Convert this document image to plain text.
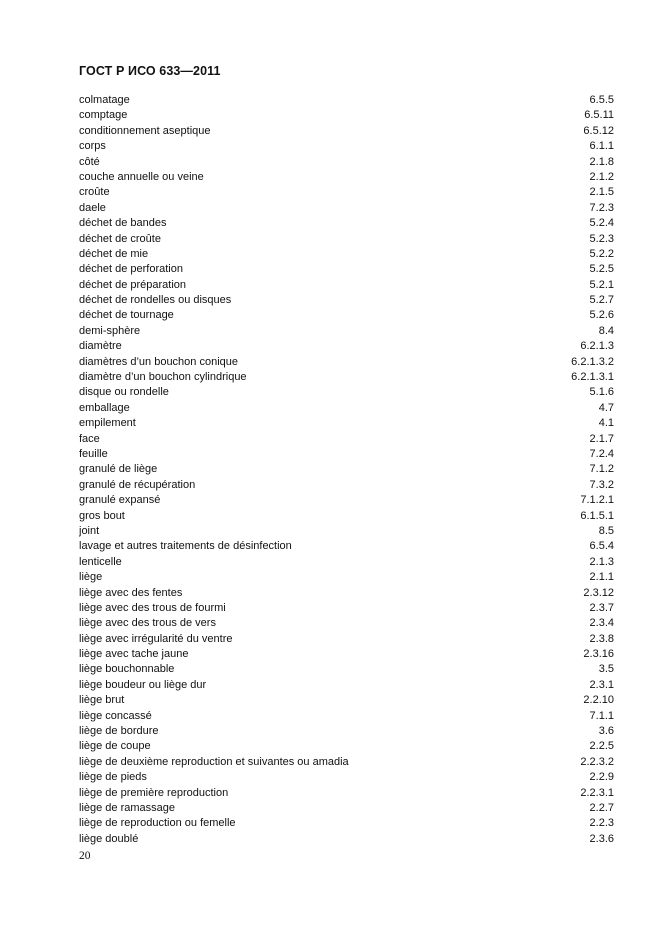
ГОСТ Р ИСО 633—2011
colmatage	6.5.5
comptage	6.5.11
conditionnement aseptique	6.5.12
corps	6.1.1
côté	2.1.8
couche annuelle ou veine	2.1.2
croûte	2.1.5
daele	7.2.3
déchet de bandes	5.2.4
déchet de croûte	5.2.3
déchet de mie	5.2.2
déchet de perforation	5.2.5
déchet de préparation	5.2.1
déchet de rondelles ou disques	5.2.7
déchet de tournage	5.2.6
demi-sphère	8.4
diamètre	6.2.1.3
diamètres d’un bouchon conique	6.2.1.3.2
diamètre d’un bouchon cylindrique	6.2.1.3.1
disque ou rondelle	5.1.6
emballage	4.7
empilement	4.1
face	2.1.7
feuille	7.2.4
granulé de liège	7.1.2
granulé de récupération	7.3.2
granulé expansé	7.1.2.1
gros bout	6.1.5.1
joint	8.5
lavage et autres traitements de désinfection	6.5.4
lenticelle	2.1.3
liège	2.1.1
liège avec des fentes	2.3.12
liège avec des trous de fourmi	2.3.7
liège avec des trous de vers	2.3.4
liège avec irrégularité du ventre	2.3.8
liège avec tache jaune	2.3.16
liège bouchonnable	3.5
liège boudeur ou liège dur	2.3.1
liège brut	2.2.10
liège concassé	7.1.1
liège de bordure	3.6
liège de coupe	2.2.5
liège de deuxième reproduction et suivantes ou amadia	2.2.3.2
liège de pieds	2.2.9
liège de première reproduction	2.2.3.1
liège de ramassage	2.2.7
liège de reproduction ou femelle	2.2.3
liège doublé	2.3.6
20
